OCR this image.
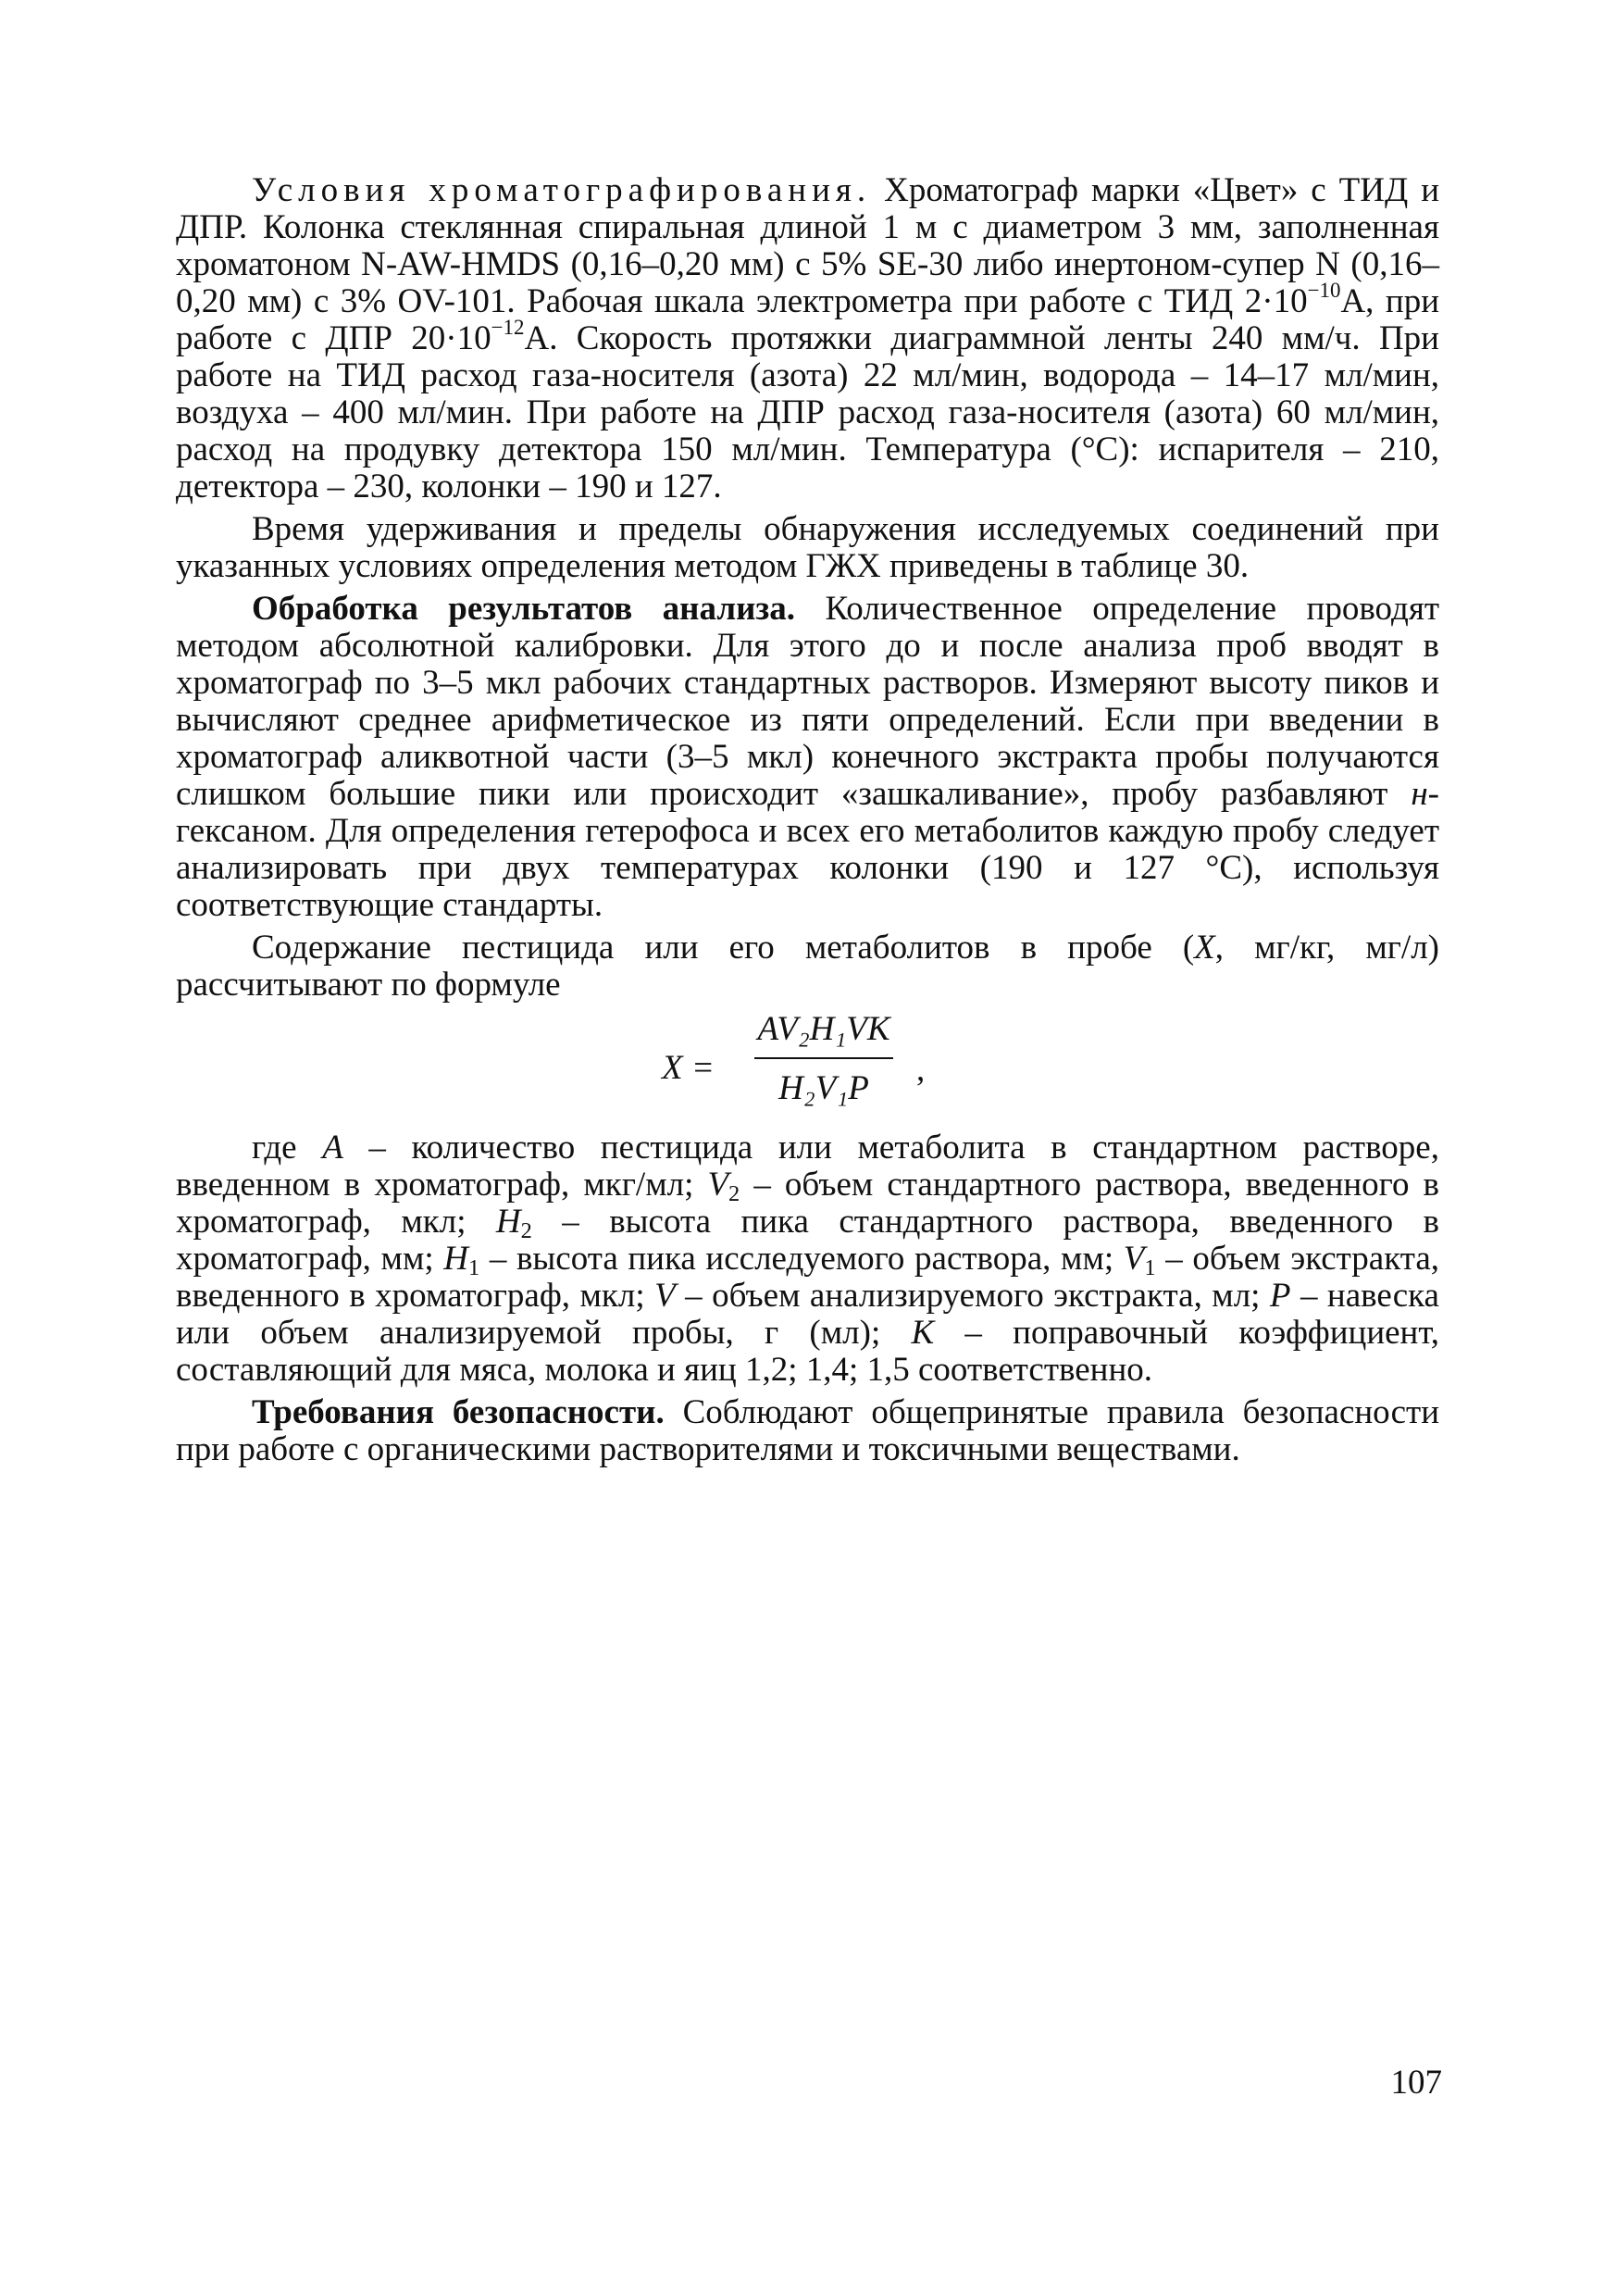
Условия хроматографирования. Хроматограф марки «Цвет» с ТИД и ДПР. Колонка стеклянная спиральная длиной 1 м с диаметром 3 мм, заполненная хроматоном N-AW-HMDS (0,16–0,20 мм) с 5% SE-30 либо инертоном-супер N (0,16–0,20 мм) с 3% OV-101. Рабочая шкала электрометра при работе с ТИД $2\cdot 10^{-10}А$, при работе с ДПР $20\cdot 10^{-12}А$. Скорость протяжки диаграммной ленты 240 мм/ч. При работе на ТИД расход газа-носителя (азота) 22 мл/мин, водорода – 14–17 мл/мин, воздуха – 400 мл/мин. При работе на ДПР расход газа-носителя (азота) 60 мл/мин, расход на продувку детектора 150 мл/мин. Температура (°С): испарителя – 210, детектора – 230, колонки – 190 и 127.

Время удерживания и пределы обнаружения исследуемых соединений при указанных условиях определения методом ГЖХ приведены в таблице 30.

Обработка результатов анализа. Количественное определение проводят методом абсолютной калибровки. Для этого до и после анализа проб вводят в хроматограф по 3–5 мкл рабочих стандартных растворов. Измеряют высоту пиков и вычисляют среднее арифметическое из пяти определений. Если при введении в хроматограф аликвотной части (3–5 мкл) конечного экстракта пробы получаются слишком большие пики или происходит «зашкаливание», пробу разбавляют н-гексаном. Для определения гетерофоса и всех его метаболитов каждую пробу следует анализировать при двух температурах колонки (190 и 127 °С), используя соответствующие стандарты.

Содержание пестицида или его метаболитов в пробе (X, мг/кг, мг/л) рассчитывают по формуле

X =
AV₂H₁VK
H₂V₁P	,

где A – количество пестицида или метаболита в стандартном растворе, введенном в хроматограф, мкг/мл; $V_2$ – объем стандартного раствора, введенного в хроматограф, мкл; $H_2$ – высота пика стандартного раствора, введенного в хроматограф, мм; $H_1$ – высота пика исследуемого раствора, мм; $V_1$ – объем экстракта, введенного в хроматограф, мкл; V – объем анализируемого экстракта, мл; P – навеска или объем анализируемой пробы, г (мл); K – поправочный коэффициент, составляющий для мяса, молока и яиц 1,2; 1,4; 1,5 соответственно.

Требования безопасности. Соблюдают общепринятые правила безопасности при работе с органическими растворителями и токсичными веществами.

107
